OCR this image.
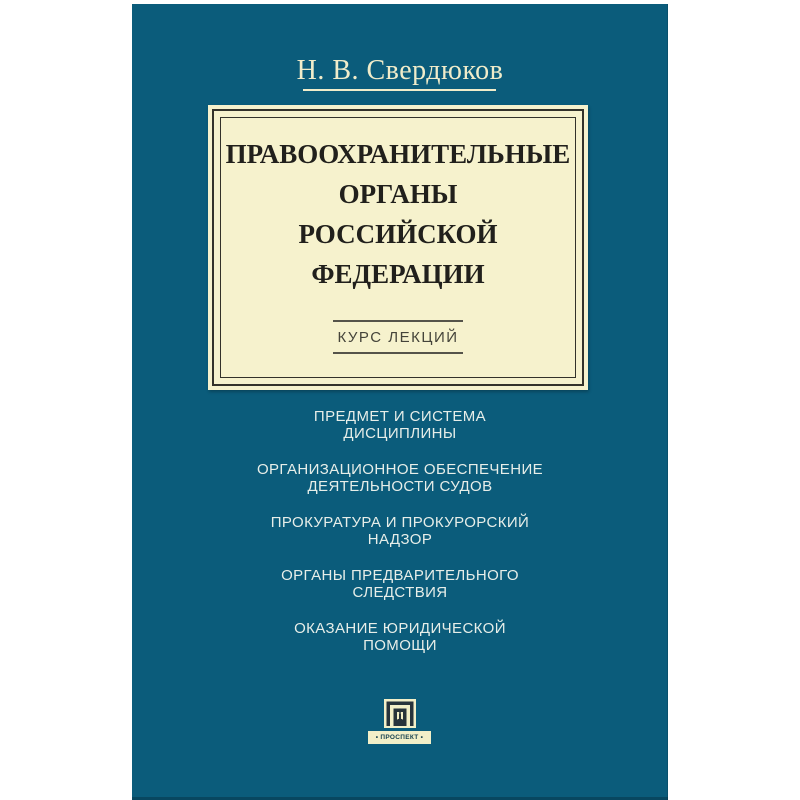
Н. В. Свердюков
ПРАВООХРАНИТЕЛЬНЫЕ
ОРГАНЫ
РОССИЙСКОЙ
ФЕДЕРАЦИИ
КУРС ЛЕКЦИЙ
ПРЕДМЕТ И СИСТЕМА
ДИСЦИПЛИНЫ
ОРГАНИЗАЦИОННОЕ ОБЕСПЕЧЕНИЕ
ДЕЯТЕЛЬНОСТИ СУДОВ
ПРОКУРАТУРА И ПРОКУРОРСКИЙ
НАДЗОР
ОРГАНЫ ПРЕДВАРИТЕЛЬНОГО
СЛЕДСТВИЯ
ОКАЗАНИЕ ЮРИДИЧЕСКОЙ
ПОМОЩИ
• ПРОСПЕКТ •
